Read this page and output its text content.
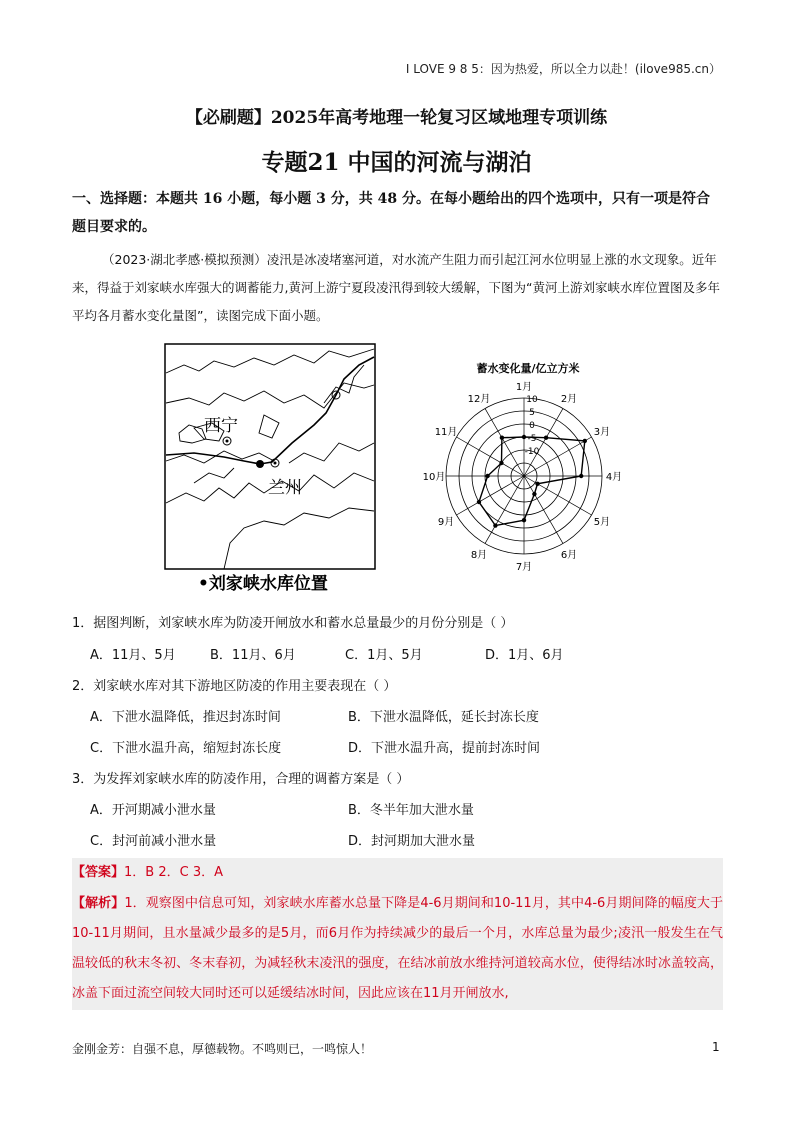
I LOVE 9 8 5：因为热爱，所以全力以赴！(ilove985.cn）
【必刷题】2025年高考地理一轮复习区域地理专项训练
专题21 中国的河流与湖泊
一、选择题：本题共 16 小题，每小题 3 分，共 48 分。在每小题给出的四个选项中，只有一项是符合
题目要求的。
（2023·湖北孝感·模拟预测）凌汛是冰凌堵塞河道，对水流产生阻力而引起江河水位明显上涨的水文现象。近年来，得益于刘家峡水库强大的调蓄能力,黄河上游宁夏段凌汛得到较大缓解，下图为“黄河上游刘家峡水库位置图及多年平均各月蓄水变化量图”，读图完成下面小题。
西宁
兰州
•刘家峡水库位置
蓄水变化量/亿立方米
1月
2月
3月
4月
5月
6月
7月
8月
9月
10月
11月
12月	10
5
0
-5
-10
1．据图判断，刘家峡水库为防凌开闸放水和蓄水总量最少的月份分别是（ ）
A．11月、5月	B．11月、6月	C．1月、5月	D．1月、6月
2．刘家峡水库对其下游地区防凌的作用主要表现在（ ）
A．下泄水温降低，推迟封冻时间	B．下泄水温降低，延长封冻长度
C．下泄水温升高，缩短封冻长度	D．下泄水温升高，提前封冻时间
3．为发挥刘家峡水库的防凌作用，合理的调蓄方案是（ ）
A．开河期减小泄水量	B．冬半年加大泄水量
C．封河前减小泄水量	D．封河期加大泄水量
【答案】1．B 2．C 3．A
【解析】1．观察图中信息可知，刘家峡水库蓄水总量下降是4-6月期间和10-11月，其中4-6月期间降的幅度大于10-11月期间，且水量减少最多的是5月，而6月作为持续减少的最后一个月，水库总量为最少;凌汛一般发生在气温较低的秋末冬初、冬末春初，为减轻秋末凌汛的强度，在结冰前放水维持河道较高水位，使得结冰时冰盖较高，冰盖下面过流空间较大同时还可以延缓结冰时间，因此应该在11月开闸放水,
金刚金芳：自强不息，厚德载物。不鸣则已，一鸣惊人！	1
